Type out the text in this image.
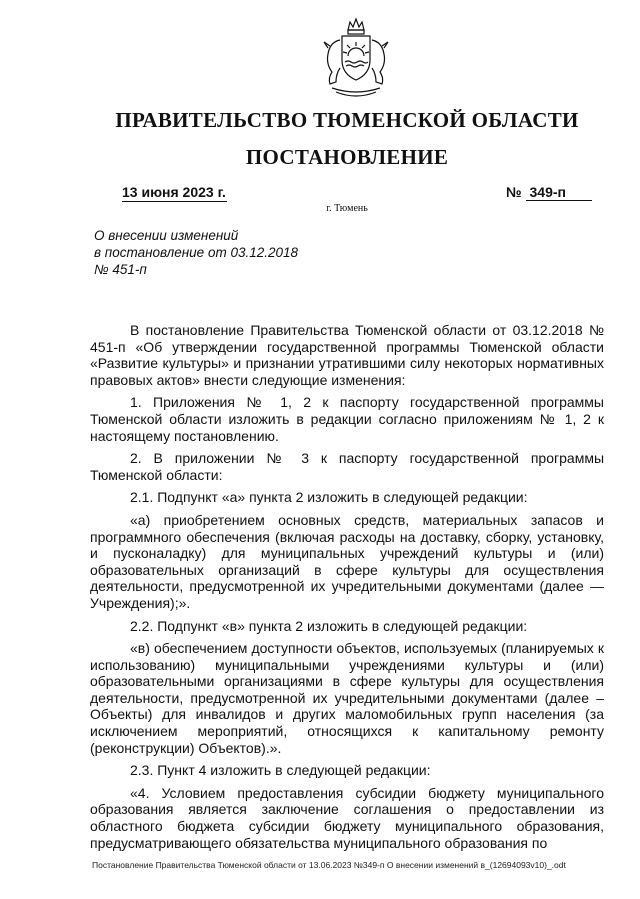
ПРАВИТЕЛЬСТВО ТЮМЕНСКОЙ ОБЛАСТИ
ПОСТАНОВЛЕНИЕ
13 июня 2023 г.	№ 349-п
г. Тюмень
О внесении изменений
в постановление от 03.12.2018
№ 451-п

В постановление Правительства Тюменской области от 03.12.2018 № 451-п «Об утверждении государственной программы Тюменской области «Развитие культуры» и признании утратившими силу некоторых нормативных правовых актов» внести следующие изменения:

1. Приложения № 1, 2 к паспорту государственной программы Тюменской области изложить в редакции согласно приложениям № 1, 2 к настоящему постановлению.

2. В приложении № 3 к паспорту государственной программы Тюменской области:

2.1. Подпункт «а» пункта 2 изложить в следующей редакции:

«а) приобретением основных средств, материальных запасов и программного обеспечения (включая расходы на доставку, сборку, установку, и пусконаладку) для муниципальных учреждений культуры и (или) образовательных организаций в сфере культуры для осуществления деятельности, предусмотренной их учредительными документами (далее — Учреждения);».

2.2. Подпункт «в» пункта 2 изложить в следующей редакции:

«в) обеспечением доступности объектов, используемых (планируемых к использованию) муниципальными учреждениями культуры и (или) образовательными организациями в сфере культуры для осуществления деятельности, предусмотренной их учредительными документами (далее – Объекты) для инвалидов и других маломобильных групп населения (за исключением мероприятий, относящихся к капитальному ремонту (реконструкции) Объектов).».

2.3. Пункт 4 изложить в следующей редакции:

«4. Условием предоставления субсидии бюджету муниципального образования является заключение соглашения о предоставлении из областного бюджета субсидии бюджету муниципального образования, предусматривающего обязательства муниципального образования по

Постановление Правительства Тюменской области от 13.06.2023 №349-п О внесении изменений в_(12694093v10)_.odt
